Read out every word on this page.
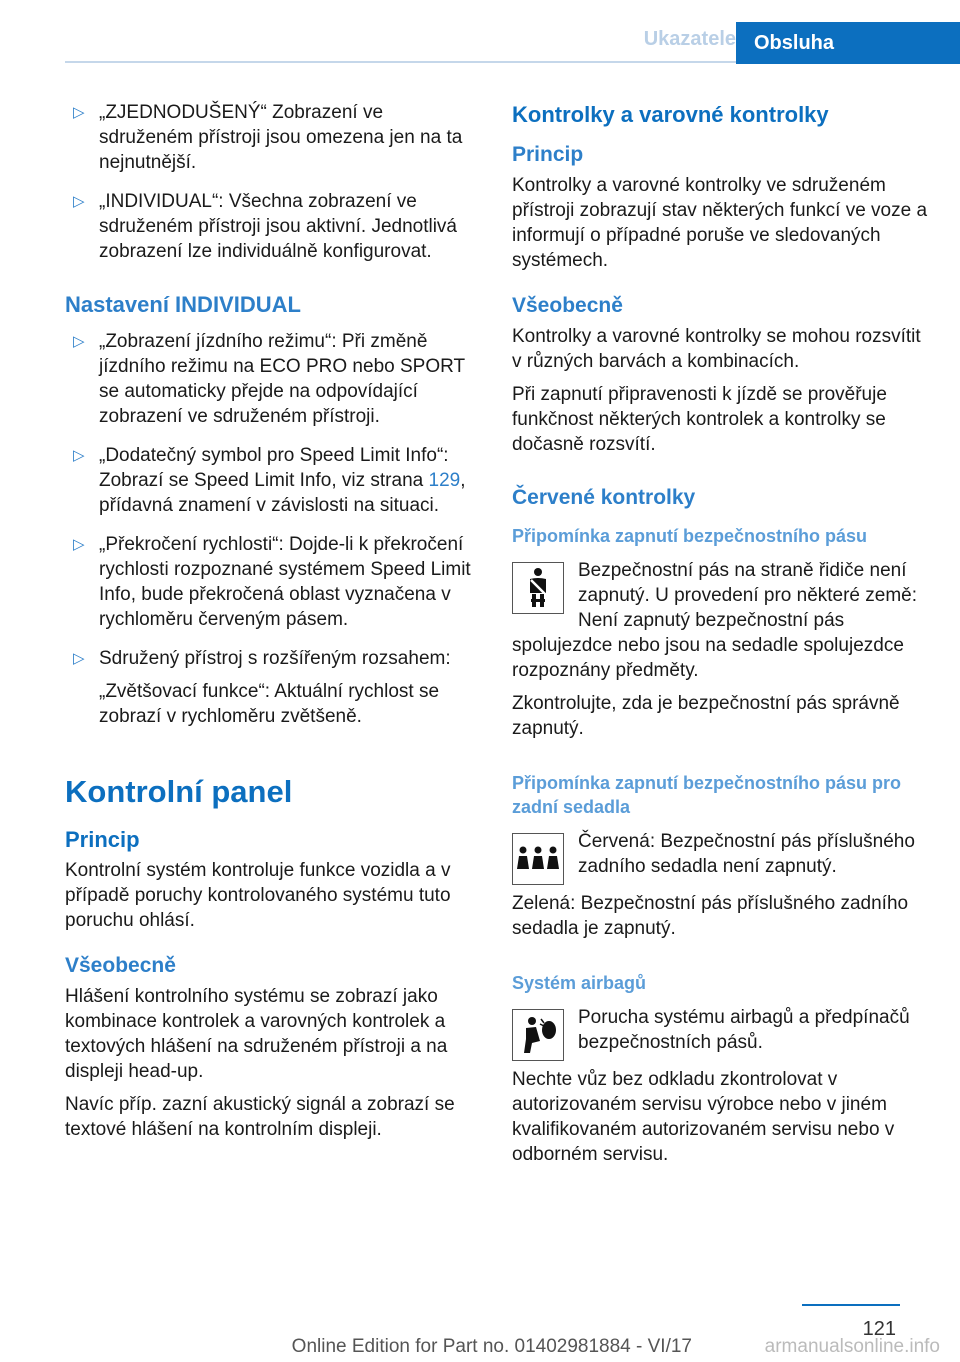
Ukazatele Obsluha
▷ „ZJEDNODUŠENÝ“ Zobrazení ve sdruženém přístroji jsou omezena jen na ta nejnutnější.
▷ „INDIVIDUAL“: Všechna zobrazení ve sdruženém přístroji jsou aktivní. Jednotlivá zobrazení lze individuálně konfigurovat.
Nastavení INDIVIDUAL
▷ „Zobrazení jízdního režimu“: Při změně jízdního režimu na ECO PRO nebo SPORT se automaticky přejde na odpovídající zobrazení ve sdruženém přístroji.
▷ „Dodatečný symbol pro Speed Limit Info“: Zobrazí se Speed Limit Info, viz strana 129, přídavná znamení v závislosti na situaci.
▷ „Překročení rychlosti“: Dojde-li k překročení rychlosti rozpoznané systémem Speed Limit Info, bude překročená oblast vyznačena v rychloměru červeným pásem.
▷ Sdružený přístroj s rozšířeným rozsahem:
„Zvětšovací funkce“: Aktuální rychlost se zobrazí v rychloměru zvětšeně.
Kontrolní panel
Princip

Kontrolní systém kontroluje funkce vozidla a v případě poruchy kontrolovaného systému tuto poruchu ohlásí.

Všeobecně

Hlášení kontrolního systému se zobrazí jako kombinace kontrolek a varovných kontrolek a textových hlášení na sdruženém přístroji a na displeji head-up.

Navíc příp. zazní akustický signál a zobrazí se textové hlášení na kontrolním displeji.

Kontrolky a varovné kontrolky
Princip

Kontrolky a varovné kontrolky ve sdruženém přístroji zobrazují stav některých funkcí ve voze a informují o případné poruše ve sledovaných systémech.

Všeobecně

Kontrolky a varovné kontrolky se mohou rozsvítit v různých barvách a kombinacích.

Při zapnutí připravenosti k jízdě se prověřuje funkčnost některých kontrolek a kontrolky se dočasně rozsvítí.

Červené kontrolky
Připomínka zapnutí bezpečnostního pásu

Bezpečnostní pás na straně řidiče není zapnutý. U provedení pro některé země: Není zapnutý bezpečnostní pás spolujezdce nebo jsou na sedadle spolujezdce rozpoznány předměty.

Zkontrolujte, zda je bezpečnostní pás správně zapnutý.

Připomínka zapnutí bezpečnostního pásu pro zadní sedadla

Červená: Bezpečnostní pás příslušného zadního sedadla není zapnutý.

Zelená: Bezpečnostní pás příslušného zadního sedadla je zapnutý.

Systém airbagů

Porucha systému airbagů a předpínačů bezpečnostních pásů.

Nechte vůz bez odkladu zkontrolovat v autorizovaném servisu výrobce nebo v jiném kvalifikovaném autorizovaném servisu nebo v odborném servisu.

121
Online Edition for Part no. 01402981884 - VI/17	armanualsonline.info
